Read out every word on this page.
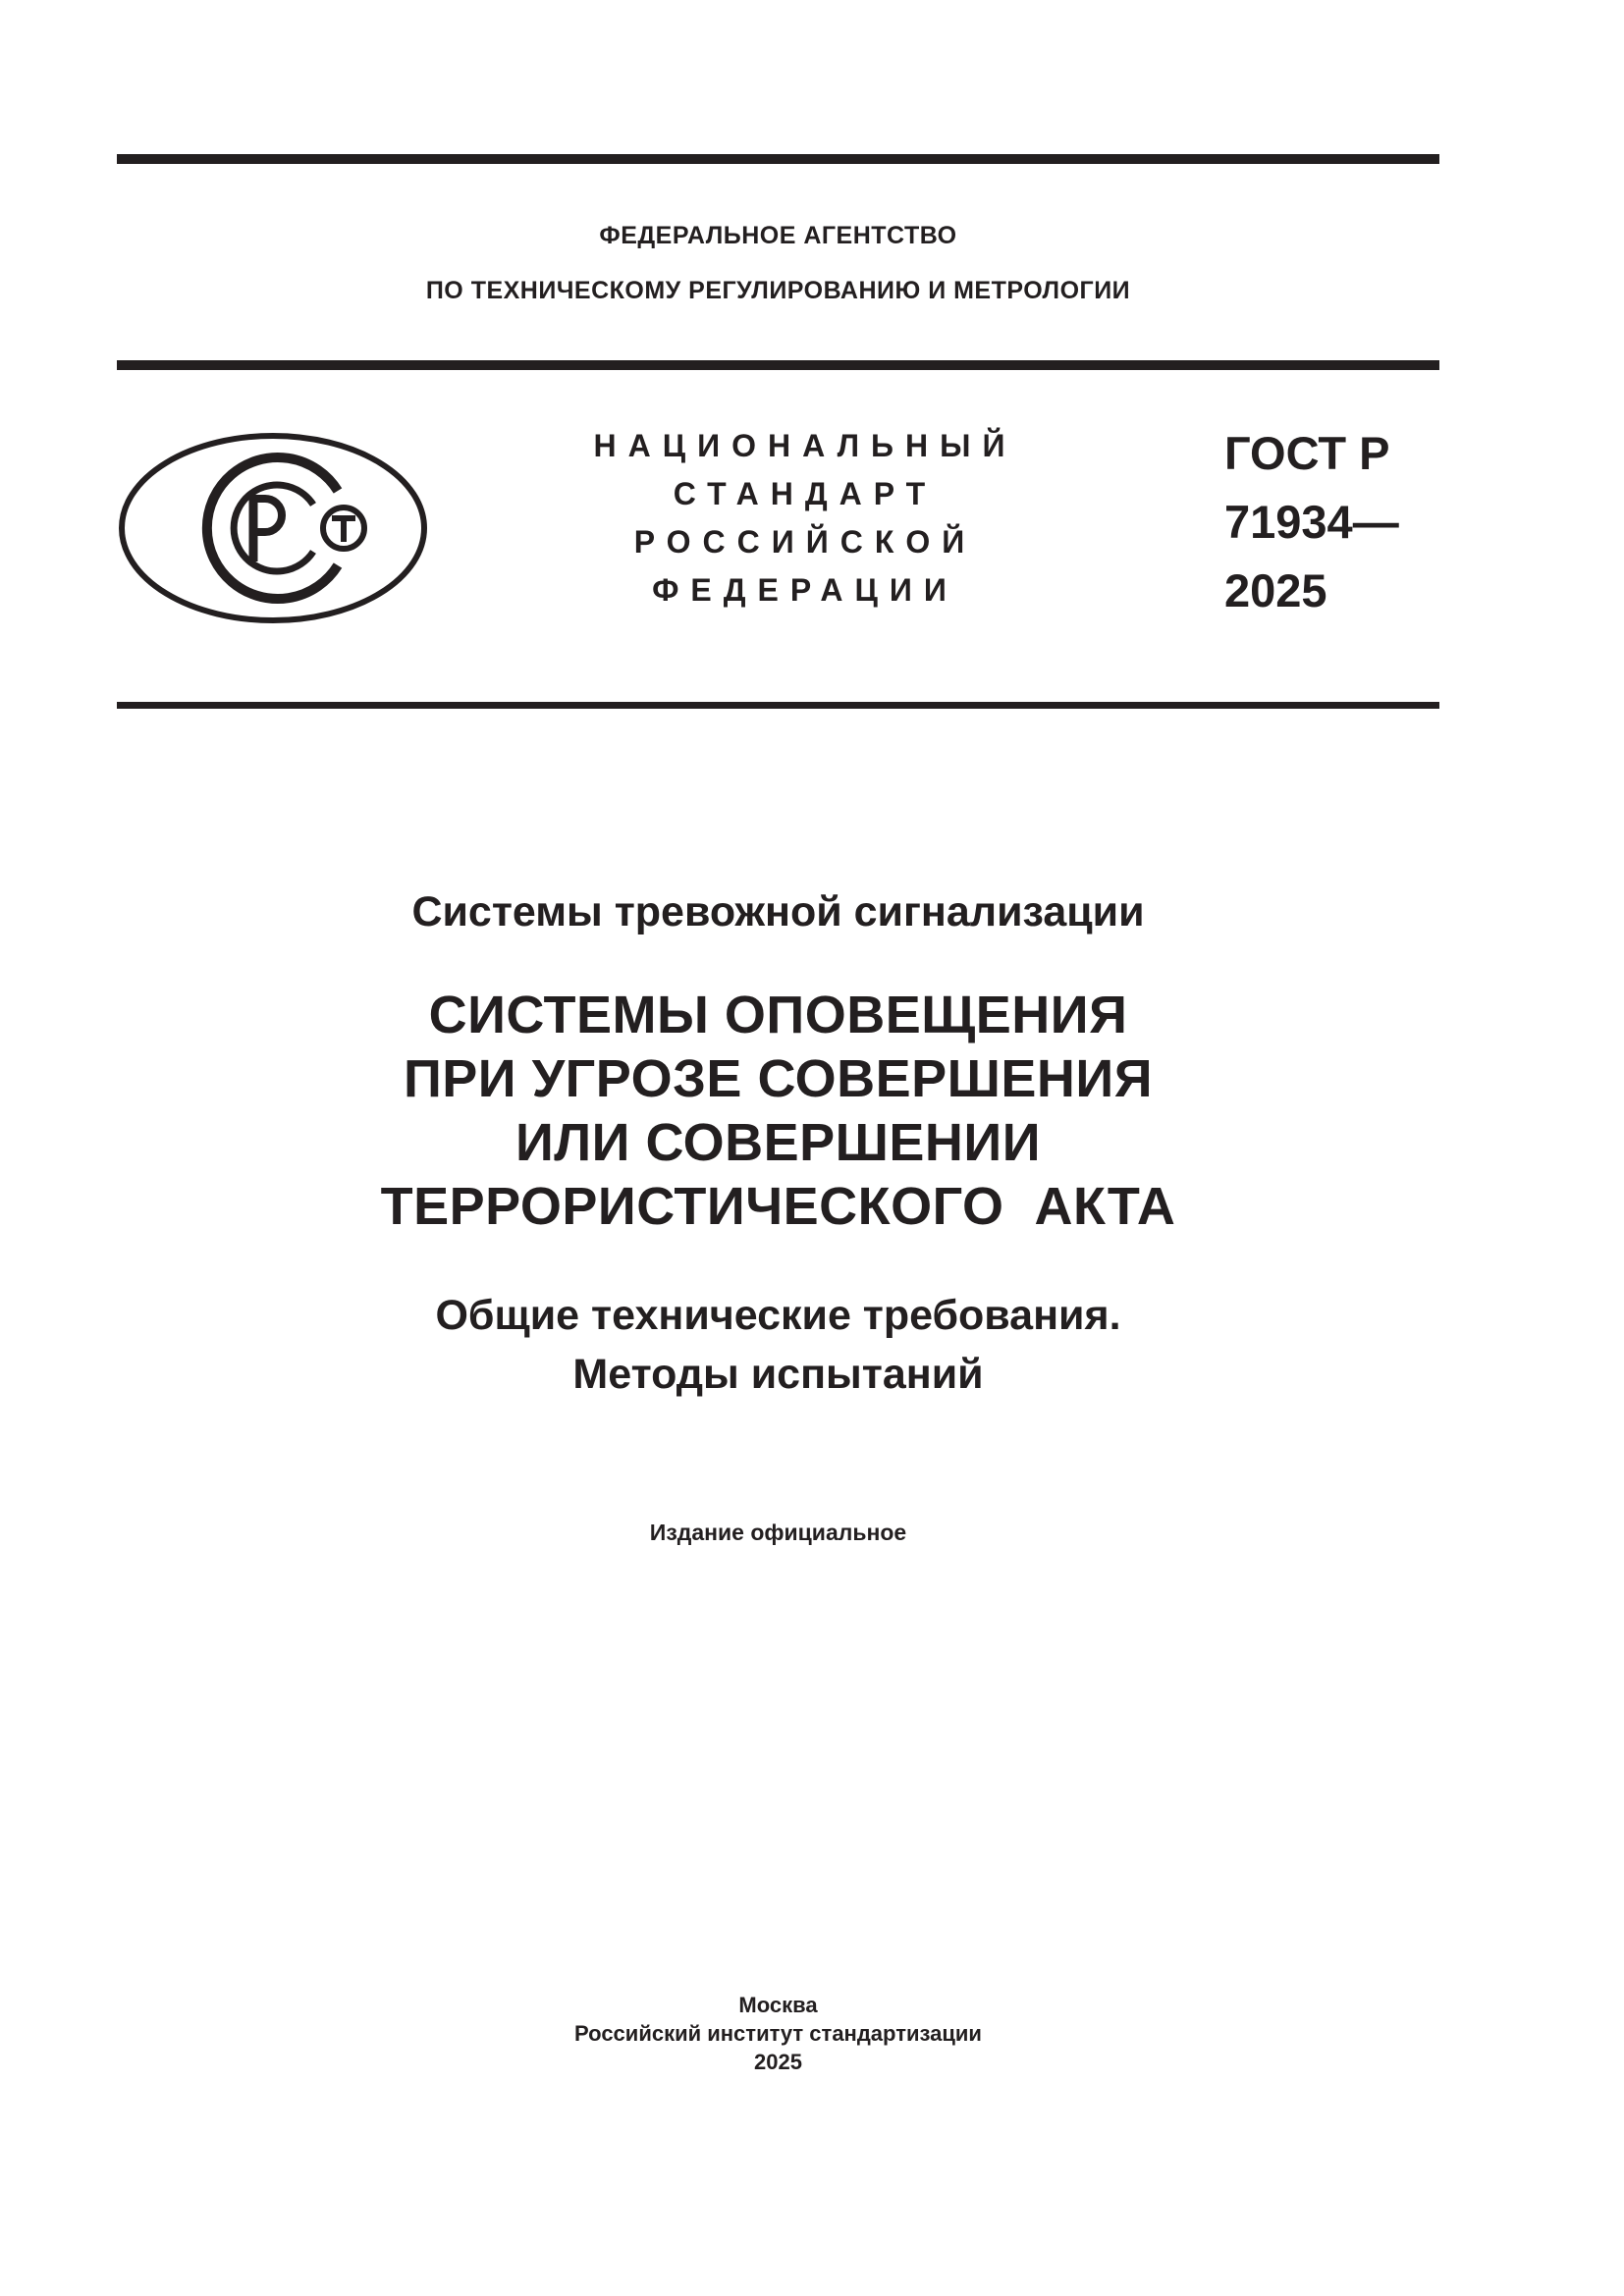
ФЕДЕРАЛЬНОЕ АГЕНТСТВО
ПО ТЕХНИЧЕСКОМУ РЕГУЛИРОВАНИЮ И МЕТРОЛОГИИ
НАЦИОНАЛЬНЫЙ
СТАНДАРТ
РОССИЙСКОЙ
ФЕДЕРАЦИИ
ГОСТ Р
71934—
2025
Системы тревожной сигнализации
СИСТЕМЫ ОПОВЕЩЕНИЯ
ПРИ УГРОЗЕ СОВЕРШЕНИЯ
ИЛИ СОВЕРШЕНИИ
ТЕРРОРИСТИЧЕСКОГО  АКТА
Общие технические требования.
Методы испытаний
Издание официальное
Москва
Российский институт стандартизации
2025
